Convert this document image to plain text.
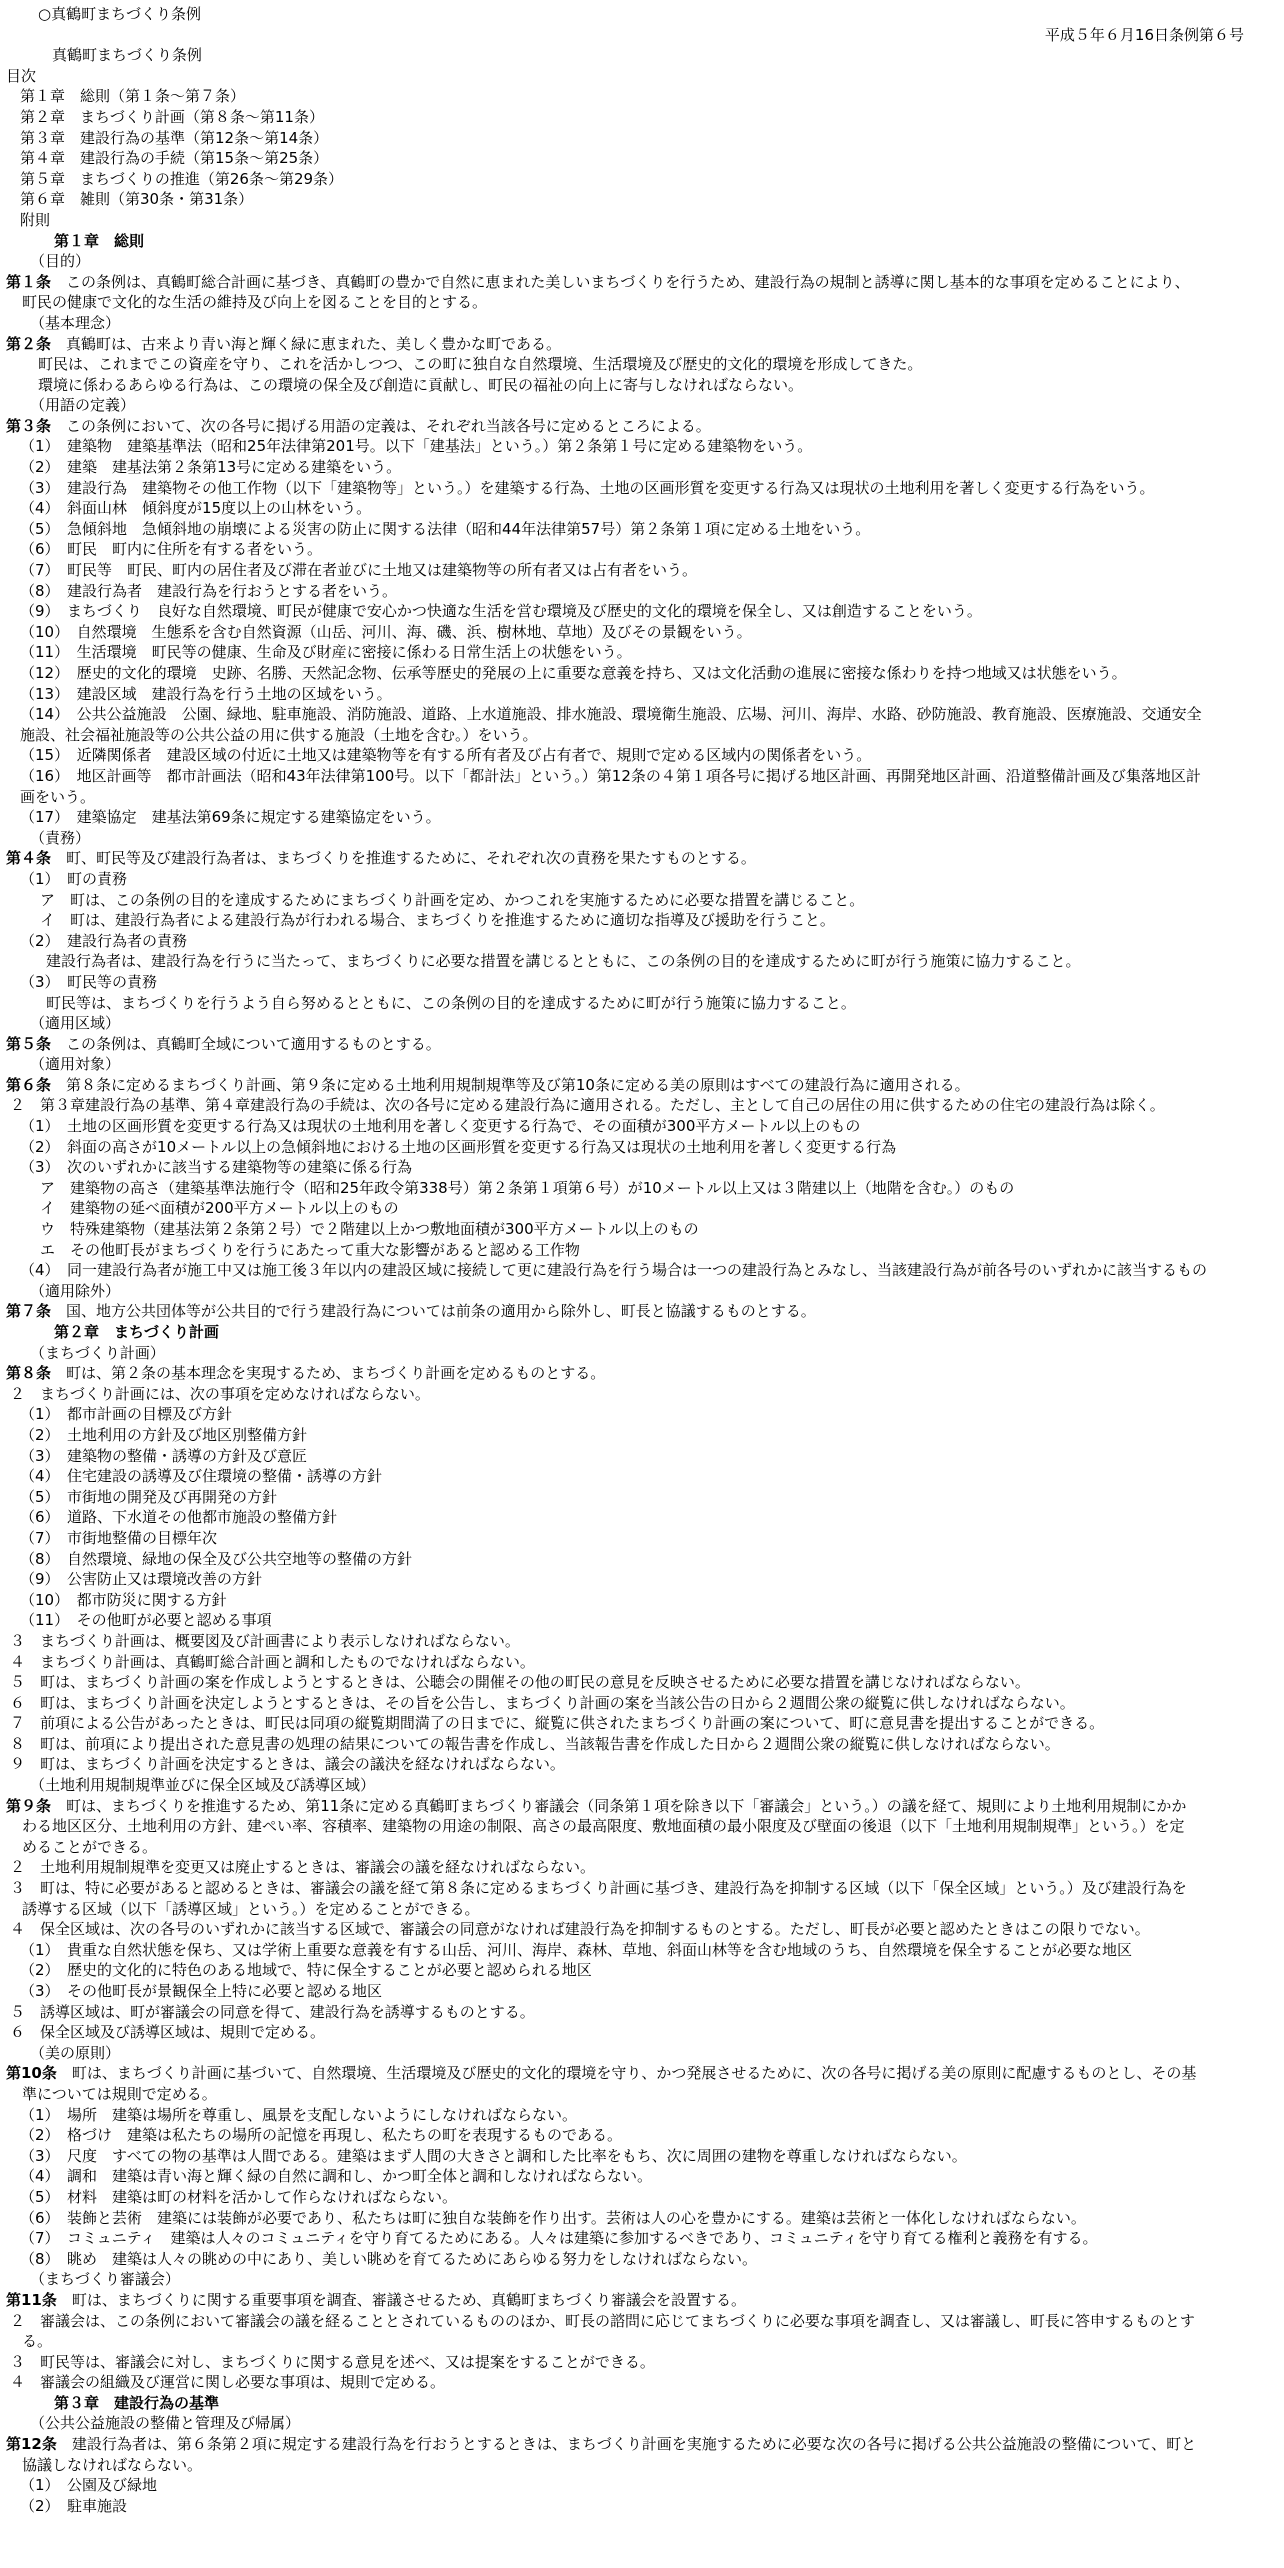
○真鶴町まちづくり条例
平成５年６月16日条例第６号
真鶴町まちづくり条例
目次
第１章　総則（第１条～第７条）
第２章　まちづくり計画（第８条～第11条）
第３章　建設行為の基準（第12条～第14条）
第４章　建設行為の手続（第15条～第25条）
第５章　まちづくりの推進（第26条～第29条）
第６章　雑則（第30条・第31条）
附則
第１章　総則
（目的）
第１条　この条例は、真鶴町総合計画に基づき、真鶴町の豊かで自然に恵まれた美しいまちづくりを行うため、建設行為の規制と誘導に関し基本的な事項を定めることにより、
町民の健康で文化的な生活の維持及び向上を図ることを目的とする。
（基本理念）
第２条　真鶴町は、古来より青い海と輝く緑に恵まれた、美しく豊かな町である。
町民は、これまでこの資産を守り、これを活かしつつ、この町に独自な自然環境、生活環境及び歴史的文化的環境を形成してきた。
環境に係わるあらゆる行為は、この環境の保全及び創造に貢献し、町民の福祉の向上に寄与しなければならない。
（用語の定義）
第３条　この条例において、次の各号に掲げる用語の定義は、それぞれ当該各号に定めるところによる。
（1）　建築物　建築基準法（昭和25年法律第201号。以下「建基法」という。）第２条第１号に定める建築物をいう。
（2）　建築　建基法第２条第13号に定める建築をいう。
（3）　建設行為　建築物その他工作物（以下「建築物等」という。）を建築する行為、土地の区画形質を変更する行為又は現状の土地利用を著しく変更する行為をいう。
（4）　斜面山林　傾斜度が15度以上の山林をいう。
（5）　急傾斜地　急傾斜地の崩壊による災害の防止に関する法律（昭和44年法律第57号）第２条第１項に定める土地をいう。
（6）　町民　町内に住所を有する者をいう。
（7）　町民等　町民、町内の居住者及び滞在者並びに土地又は建築物等の所有者又は占有者をいう。
（8）　建設行為者　建設行為を行おうとする者をいう。
（9）　まちづくり　良好な自然環境、町民が健康で安心かつ快適な生活を営む環境及び歴史的文化的環境を保全し、又は創造することをいう。
（10）　自然環境　生態系を含む自然資源（山岳、河川、海、磯、浜、樹林地、草地）及びその景観をいう。
（11）　生活環境　町民等の健康、生命及び財産に密接に係わる日常生活上の状態をいう。
（12）　歴史的文化的環境　史跡、名勝、天然記念物、伝承等歴史的発展の上に重要な意義を持ち、又は文化活動の進展に密接な係わりを持つ地域又は状態をいう。
（13）　建設区域　建設行為を行う土地の区域をいう。
（14）　公共公益施設　公園、緑地、駐車施設、消防施設、道路、上水道施設、排水施設、環境衛生施設、広場、河川、海岸、水路、砂防施設、教育施設、医療施設、交通安全
施設、社会福祉施設等の公共公益の用に供する施設（土地を含む。）をいう。
（15）　近隣関係者　建設区域の付近に土地又は建築物等を有する所有者及び占有者で、規則で定める区域内の関係者をいう。
（16）　地区計画等　都市計画法（昭和43年法律第100号。以下「都計法」という。）第12条の４第１項各号に掲げる地区計画、再開発地区計画、沿道整備計画及び集落地区計
画をいう。
（17）　建築協定　建基法第69条に規定する建築協定をいう。
（責務）
第４条　町、町民等及び建設行為者は、まちづくりを推進するために、それぞれ次の責務を果たすものとする。
（1）　町の責務
ア　町は、この条例の目的を達成するためにまちづくり計画を定め、かつこれを実施するために必要な措置を講じること。
イ　町は、建設行為者による建設行為が行われる場合、まちづくりを推進するために適切な指導及び援助を行うこと。
（2）　建設行為者の責務
建設行為者は、建設行為を行うに当たって、まちづくりに必要な措置を講じるとともに、この条例の目的を達成するために町が行う施策に協力すること。
（3）　町民等の責務
町民等は、まちづくりを行うよう自ら努めるとともに、この条例の目的を達成するために町が行う施策に協力すること。
（適用区域）
第５条　この条例は、真鶴町全域について適用するものとする。
（適用対象）
第６条　第８条に定めるまちづくり計画、第９条に定める土地利用規制規準等及び第10条に定める美の原則はすべての建設行為に適用される。
２　第３章建設行為の基準、第４章建設行為の手続は、次の各号に定める建設行為に適用される。ただし、主として自己の居住の用に供するための住宅の建設行為は除く。
（1）　土地の区画形質を変更する行為又は現状の土地利用を著しく変更する行為で、その面積が300平方メートル以上のもの
（2）　斜面の高さが10メートル以上の急傾斜地における土地の区画形質を変更する行為又は現状の土地利用を著しく変更する行為
（3）　次のいずれかに該当する建築物等の建築に係る行為
ア　建築物の高さ（建築基準法施行令（昭和25年政令第338号）第２条第１項第６号）が10メートル以上又は３階建以上（地階を含む。）のもの
イ　建築物の延べ面積が200平方メートル以上のもの
ウ　特殊建築物（建基法第２条第２号）で２階建以上かつ敷地面積が300平方メートル以上のもの
エ　その他町長がまちづくりを行うにあたって重大な影響があると認める工作物
（4）　同一建設行為者が施工中又は施工後３年以内の建設区域に接続して更に建設行為を行う場合は一つの建設行為とみなし、当該建設行為が前各号のいずれかに該当するもの
（適用除外）
第７条　国、地方公共団体等が公共目的で行う建設行為については前条の適用から除外し、町長と協議するものとする。
第２章　まちづくり計画
（まちづくり計画）
第８条　町は、第２条の基本理念を実現するため、まちづくり計画を定めるものとする。
２　まちづくり計画には、次の事項を定めなければならない。
（1）　都市計画の目標及び方針
（2）　土地利用の方針及び地区別整備方針
（3）　建築物の整備・誘導の方針及び意匠
（4）　住宅建設の誘導及び住環境の整備・誘導の方針
（5）　市街地の開発及び再開発の方針
（6）　道路、下水道その他都市施設の整備方針
（7）　市街地整備の目標年次
（8）　自然環境、緑地の保全及び公共空地等の整備の方針
（9）　公害防止又は環境改善の方針
（10）　都市防災に関する方針
（11）　その他町が必要と認める事項
３　まちづくり計画は、概要図及び計画書により表示しなければならない。
４　まちづくり計画は、真鶴町総合計画と調和したものでなければならない。
５　町は、まちづくり計画の案を作成しようとするときは、公聴会の開催その他の町民の意見を反映させるために必要な措置を講じなければならない。
６　町は、まちづくり計画を決定しようとするときは、その旨を公告し、まちづくり計画の案を当該公告の日から２週間公衆の縦覧に供しなければならない。
７　前項による公告があったときは、町民は同項の縦覧期間満了の日までに、縦覧に供されたまちづくり計画の案について、町に意見書を提出することができる。
８　町は、前項により提出された意見書の処理の結果についての報告書を作成し、当該報告書を作成した日から２週間公衆の縦覧に供しなければならない。
９　町は、まちづくり計画を決定するときは、議会の議決を経なければならない。
（土地利用規制規準並びに保全区域及び誘導区域）
第９条　町は、まちづくりを推進するため、第11条に定める真鶴町まちづくり審議会（同条第１項を除き以下「審議会」という。）の議を経て、規則により土地利用規制にかか
わる地区区分、土地利用の方針、建ぺい率、容積率、建築物の用途の制限、高さの最高限度、敷地面積の最小限度及び壁面の後退（以下「土地利用規制規準」という。）を定
めることができる。
２　土地利用規制規準を変更又は廃止するときは、審議会の議を経なければならない。
３　町は、特に必要があると認めるときは、審議会の議を経て第８条に定めるまちづくり計画に基づき、建設行為を抑制する区域（以下「保全区域」という。）及び建設行為を
誘導する区域（以下「誘導区域」という。）を定めることができる。
４　保全区域は、次の各号のいずれかに該当する区域で、審議会の同意がなければ建設行為を抑制するものとする。ただし、町長が必要と認めたときはこの限りでない。
（1）　貴重な自然状態を保ち、又は学術上重要な意義を有する山岳、河川、海岸、森林、草地、斜面山林等を含む地域のうち、自然環境を保全することが必要な地区
（2）　歴史的文化的に特色のある地域で、特に保全することが必要と認められる地区
（3）　その他町長が景観保全上特に必要と認める地区
５　誘導区域は、町が審議会の同意を得て、建設行為を誘導するものとする。
６　保全区域及び誘導区域は、規則で定める。
（美の原則）
第10条　町は、まちづくり計画に基づいて、自然環境、生活環境及び歴史的文化的環境を守り、かつ発展させるために、次の各号に掲げる美の原則に配慮するものとし、その基
準については規則で定める。
（1）　場所　建築は場所を尊重し、風景を支配しないようにしなければならない。
（2）　格づけ　建築は私たちの場所の記憶を再現し、私たちの町を表現するものである。
（3）　尺度　すべての物の基準は人間である。建築はまず人間の大きさと調和した比率をもち、次に周囲の建物を尊重しなければならない。
（4）　調和　建築は青い海と輝く緑の自然に調和し、かつ町全体と調和しなければならない。
（5）　材料　建築は町の材料を活かして作らなければならない。
（6）　装飾と芸術　建築には装飾が必要であり、私たちは町に独自な装飾を作り出す。芸術は人の心を豊かにする。建築は芸術と一体化しなければならない。
（7）　コミュニティ　建築は人々のコミュニティを守り育てるためにある。人々は建築に参加するべきであり、コミュニティを守り育てる権利と義務を有する。
（8）　眺め　建築は人々の眺めの中にあり、美しい眺めを育てるためにあらゆる努力をしなければならない。
（まちづくり審議会）
第11条　町は、まちづくりに関する重要事項を調査、審議させるため、真鶴町まちづくり審議会を設置する。
２　審議会は、この条例において審議会の議を経ることとされているもののほか、町長の諮問に応じてまちづくりに必要な事項を調査し、又は審議し、町長に答申するものとす
る。
３　町民等は、審議会に対し、まちづくりに関する意見を述べ、又は提案をすることができる。
４　審議会の組織及び運営に関し必要な事項は、規則で定める。
第３章　建設行為の基準
（公共公益施設の整備と管理及び帰属）
第12条　建設行為者は、第６条第２項に規定する建設行為を行おうとするときは、まちづくり計画を実施するために必要な次の各号に掲げる公共公益施設の整備について、町と
協議しなければならない。
（1）　公園及び緑地
（2）　駐車施設
